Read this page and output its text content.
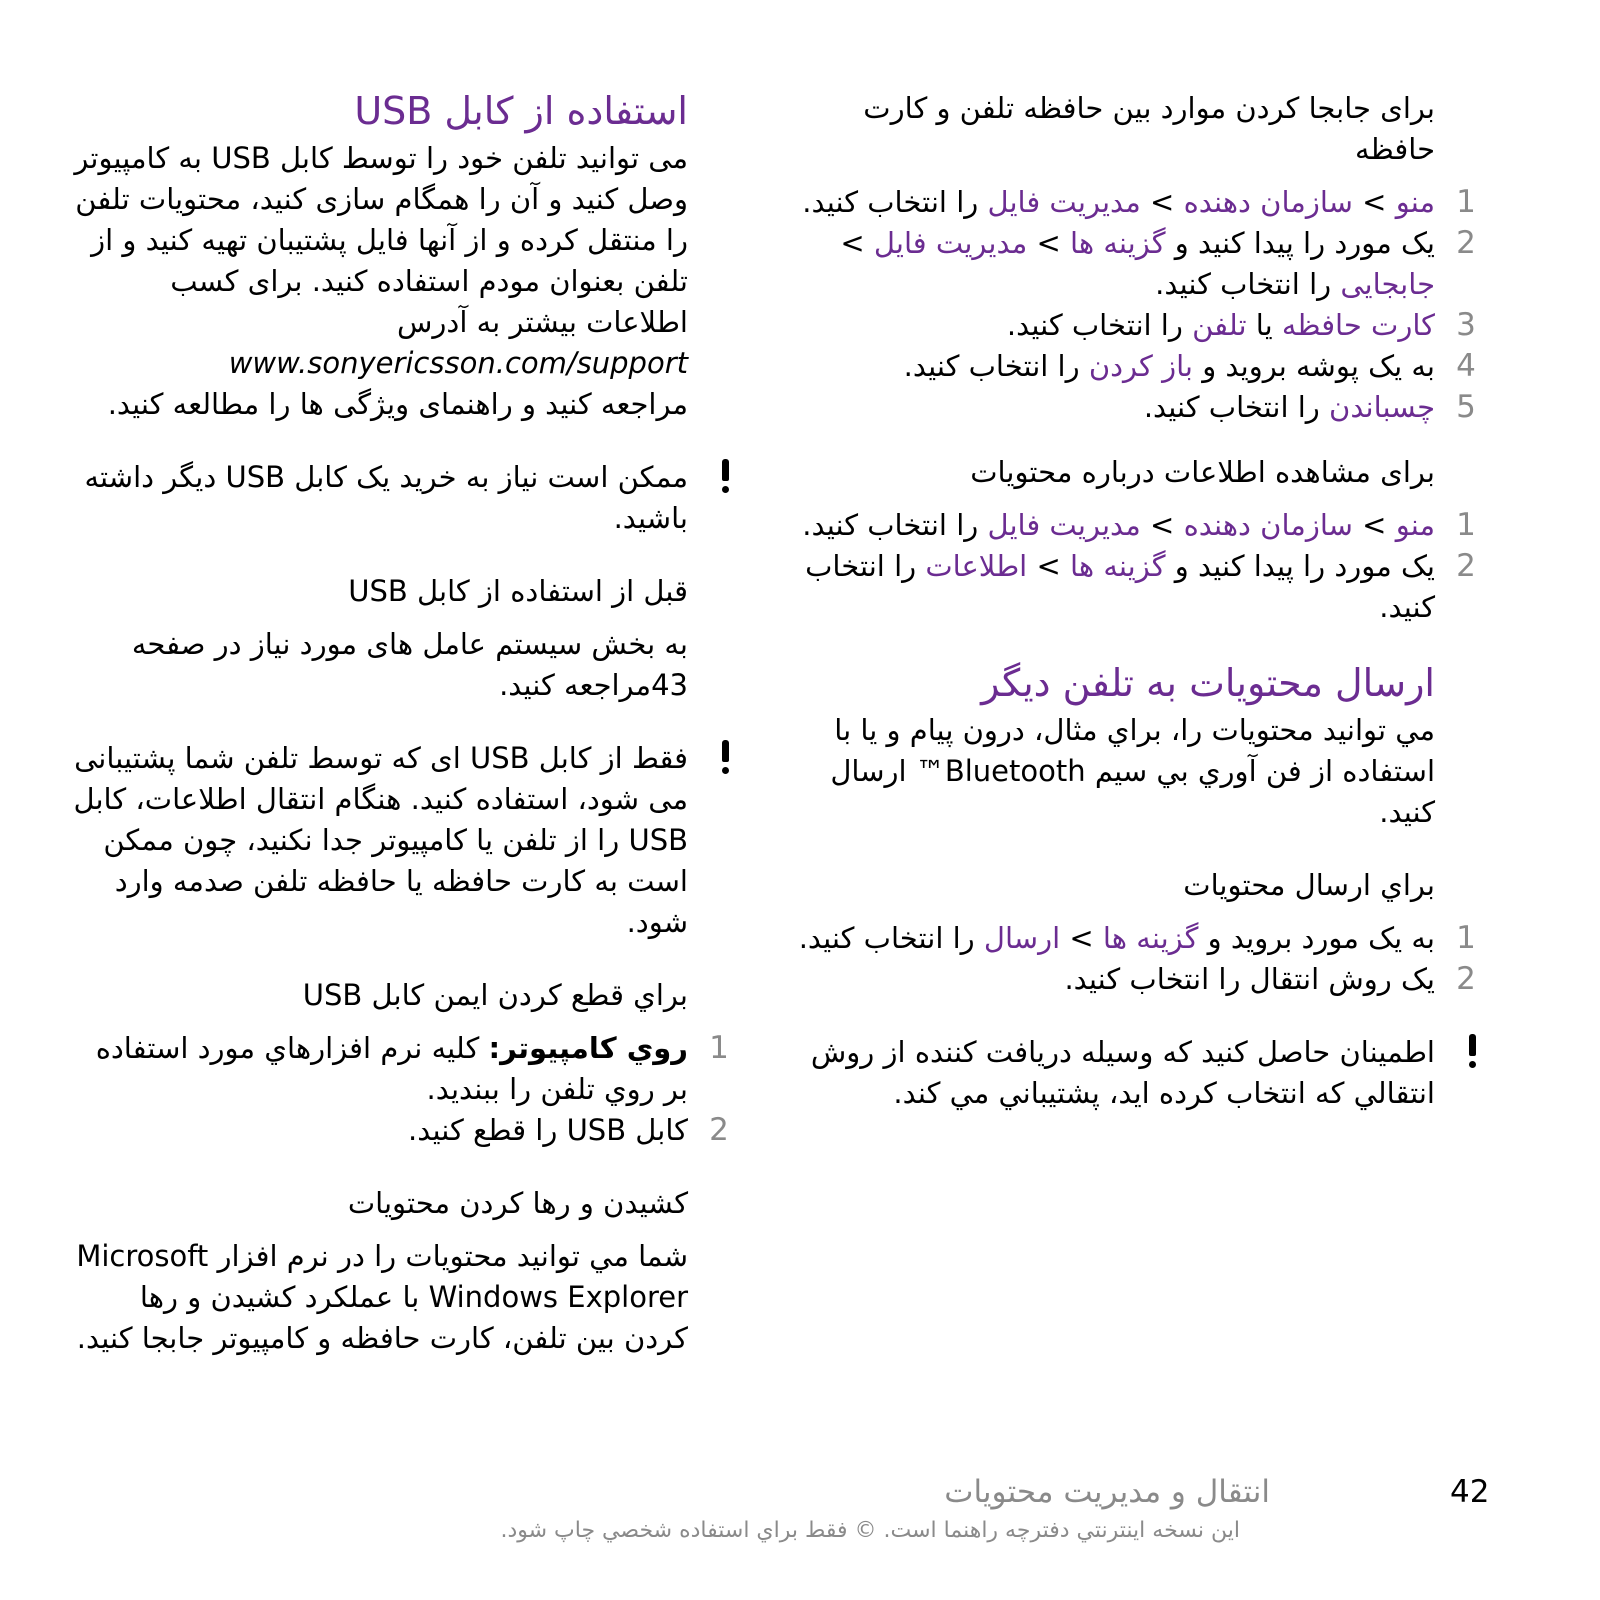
استفاده از کابل USB

می توانید تلفن خود را توسط کابل USB به کامپیوتر وصل کنید و آن را همگام سازی کنید، محتویات تلفن را منتقل کرده و از آنها فایل پشتیبان تهیه کنید و از تلفن بعنوان مودم استفاده کنید. برای کسب اطلاعات بیشتر به آدرس
www.sonyericsson.com/support
مراجعه کنید و راهنمای ویژگی ها را مطالعه کنید.

ممکن است نیاز به خرید یک کابل USB دیگر داشته باشید.

قبل از استفاده از کابل USB

به بخش سیستم عامل های مورد نیاز در صفحه 43مراجعه کنید.

فقط از کابل USB ای که توسط تلفن شما پشتیبانی می شود، استفاده کنید. هنگام انتقال اطلاعات، کابل USB را از تلفن یا کامپیوتر جدا نکنید، چون ممکن است به کارت حافظه یا حافظه تلفن صدمه وارد شود.

براي قطع کردن ايمن کابل USB

1
روي کامپيوتر: کليه نرم افزارهاي مورد استفاده بر روي تلفن را ببنديد.
2
کابل USB را قطع کنيد.

کشيدن و رها کردن محتويات

شما مي توانيد محتويات را در نرم افزار Microsoft Windows Explorer با عملکرد کشيدن و رها کردن بين تلفن، کارت حافظه و کامپيوتر جابجا کنيد.

برای جابجا کردن موارد بین حافظه تلفن و کارت حافظه

1
منو > سازمان دهنده > مدیریت فایل را انتخاب کنید.
2
یک مورد را پیدا کنید و گزینه ها > مدیریت فایل > جابجایی را انتخاب کنید.
3
کارت حافظه یا تلفن را انتخاب کنید.
4
به یک پوشه بروید و باز کردن را انتخاب کنید.
5
چسباندن را انتخاب کنید.

برای مشاهده اطلاعات درباره محتویات

1
منو > سازمان دهنده > مدیریت فایل را انتخاب کنید.
2
یک مورد را پیدا کنید و گزینه ها > اطلاعات را انتخاب کنید.
ارسال محتویات به تلفن دیگر

مي توانيد محتويات را، براي مثال، درون پيام و يا با استفاده از فن آوري بي سيم Bluetooth™ ارسال کنيد.

براي ارسال محتويات

1
به يک مورد برويد و گزينه ها > ارسال را انتخاب کنيد.
2
يک روش انتقال را انتخاب کنيد.
اطمينان حاصل کنيد که وسيله دريافت کننده از روش انتقالي که انتخاب کرده ايد، پشتيباني مي کند.
انتقال و مدیریت محتویات	42
اين نسخه اينترنتي دفترچه راهنما است. © فقط براي استفاده شخصي چاپ شود.
